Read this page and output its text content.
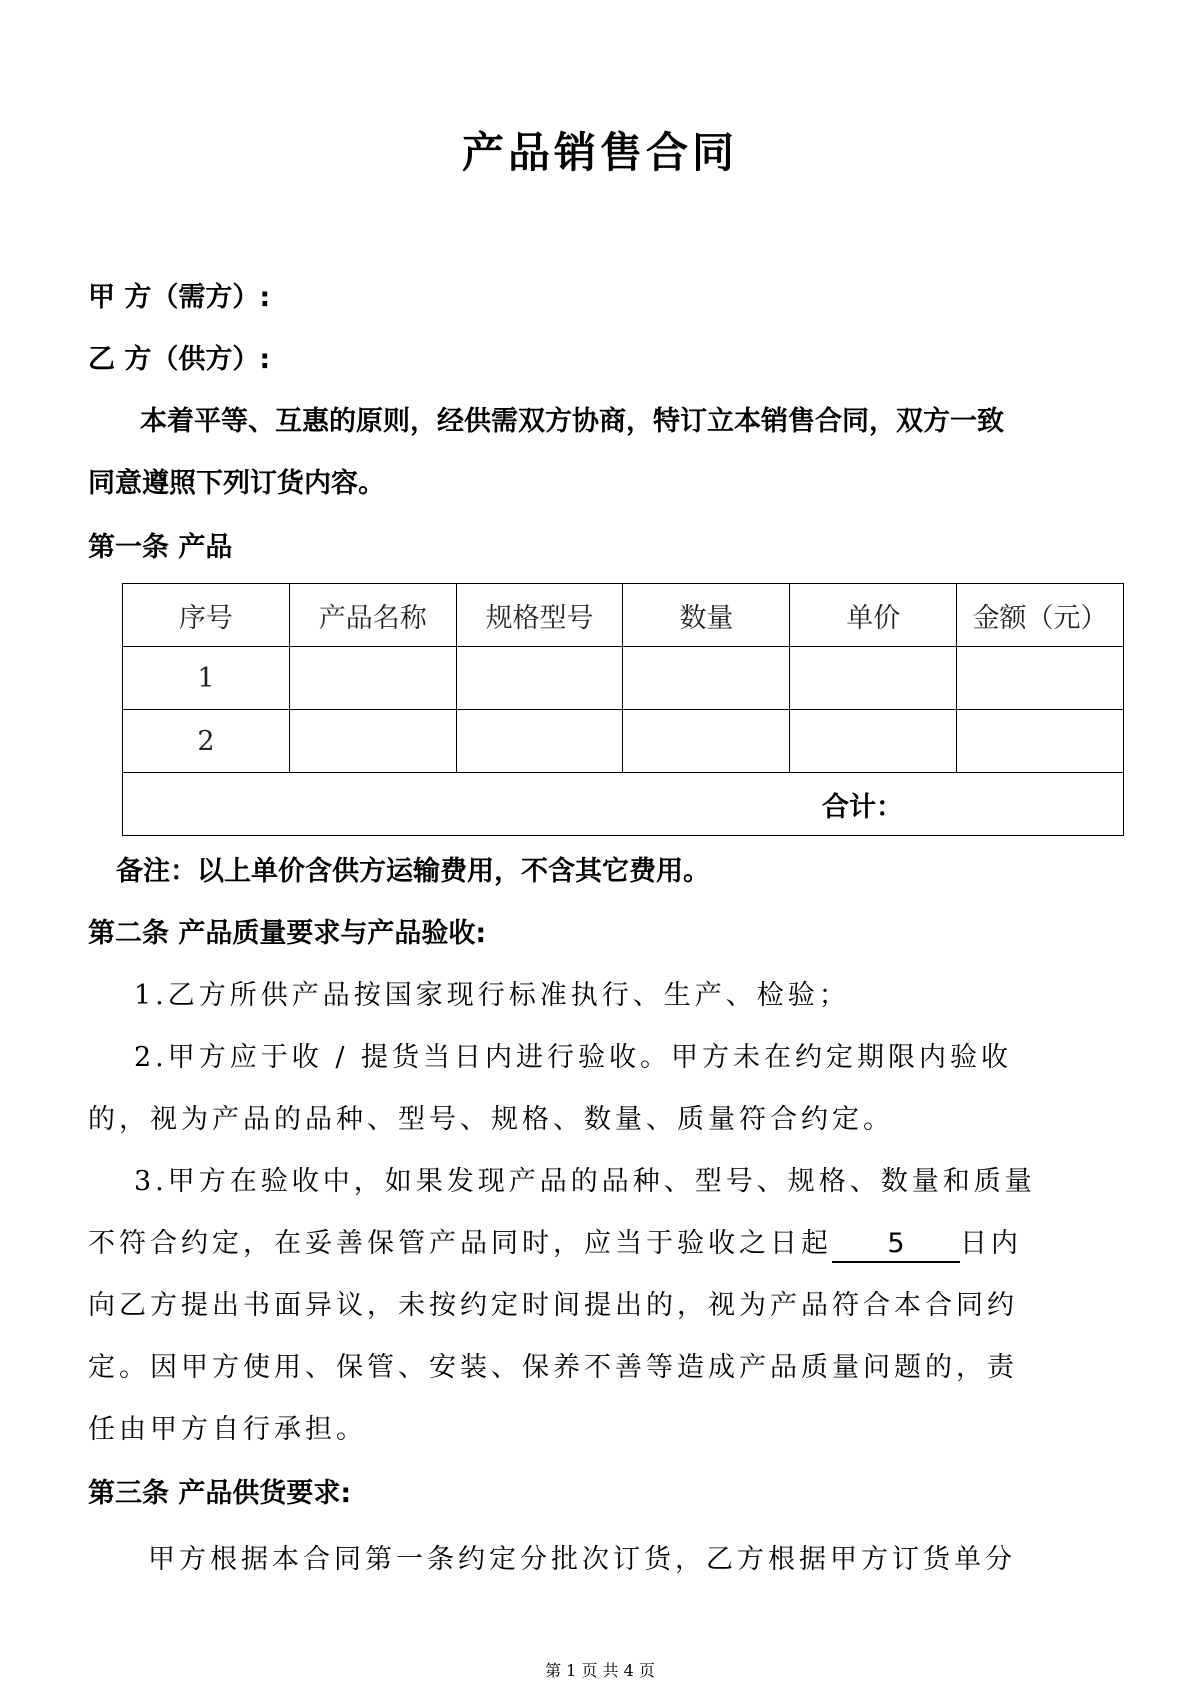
产品销售合同

甲 方（需方）:

乙 方（供方）:

本着平等、互惠的原则，经供需双方协商，特订立本销售合同，双方一致

同意遵照下列订货内容。

第一条 产品

序号	产品名称	规格型号	数量	单价	金额（元）
1					
2					
合计：					

备注：以上单价含供方运输费用，不含其它费用。

第二条 产品质量要求与产品验收:

1.乙方所供产品按国家现行标准执行、生产、检验；

2.甲方应于收 / 提货当日内进行验收。甲方未在约定期限内验收

的，视为产品的品种、型号、规格、数量、质量符合约定。

3.甲方在验收中，如果发现产品的品种、型号、规格、数量和质量

不符合约定，在妥善保管产品同时，应当于验收之日起 5 日内

向乙方提出书面异议，未按约定时间提出的，视为产品符合本合同约

定。因甲方使用、保管、安装、保养不善等造成产品质量问题的，责

任由甲方自行承担。

第三条 产品供货要求:

甲方根据本合同第一条约定分批次订货，乙方根据甲方订货单分

第 1 页 共 4 页
